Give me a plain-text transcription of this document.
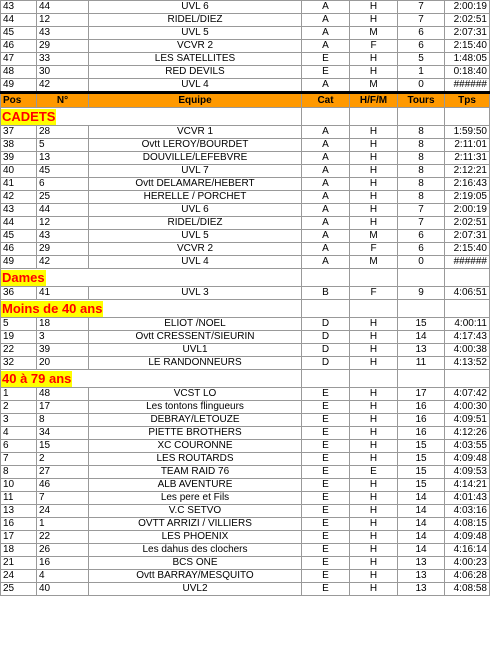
43	44	UVL 6	A	H	7	2:00:19
44	12	RIDEL/DIEZ	A	H	7	2:02:51
45	43	UVL 5	A	M	6	2:07:31
46	29	VCVR 2	A	F	6	2:15:40
47	33	LES SATELLITES	E	H	5	1:48:05
48	30	RED DEVILS	E	H	1	0:18:40
49	42	UVL 4	A	M	0	######
Pos	N°	Equipe	Cat	H/F/M	Tours	Tps
CADETS						
37	28	VCVR 1	A	H	8	1:59:50
38	5	Ovtt LEROY/BOURDET	A	H	8	2:11:01
39	13	DOUVILLE/LEFEBVRE	A	H	8	2:11:31
40	45	UVL 7	A	H	8	2:12:21
41	6	Ovtt DELAMARE/HEBERT	A	H	8	2:16:43
42	25	HERELLE / PORCHET	A	H	8	2:19:05
43	44	UVL 6	A	H	7	2:00:19
44	12	RIDEL/DIEZ	A	H	7	2:02:51
45	43	UVL 5	A	M	6	2:07:31
46	29	VCVR 2	A	F	6	2:15:40
49	42	UVL 4	A	M	0	######
Dames						
36	41	UVL 3	B	F	9	4:06:51
Moins de 40 ans						
5	18	ELIOT /NOEL	D	H	15	4:00:11
19	3	Ovtt CRESSENT/SIEURIN	D	H	14	4:17:43
22	39	UVL1	D	H	13	4:00:38
32	20	LE RANDONNEURS	D	H	11	4:13:52
40 à 79 ans						
1	48	VCST LO	E	H	17	4:07:42
2	17	Les tontons flingueurs	E	H	16	4:00:30
3	8	DEBRAY/LETOUZE	E	H	16	4:09:51
4	34	PIETTE BROTHERS	E	H	16	4:12:26
6	15	XC COURONNE	E	H	15	4:03:55
7	2	LES ROUTARDS	E	H	15	4:09:48
8	27	TEAM RAID 76	E	E	15	4:09:53
10	46	ALB AVENTURE	E	H	15	4:14:21
11	7	Les pere et Fils	E	H	14	4:01:43
13	24	V.C SETVO	E	H	14	4:03:16
16	1	OVTT ARRIZI / VILLIERS	E	H	14	4:08:15
17	22	LES PHOENIX	E	H	14	4:09:48
18	26	Les dahus des clochers	E	H	14	4:16:14
21	16	BCS ONE	E	H	13	4:00:23
24	4	Ovtt BARRAY/MESQUITO	E	H	13	4:06:28
25	40	UVL2	E	H	13	4:08:58
